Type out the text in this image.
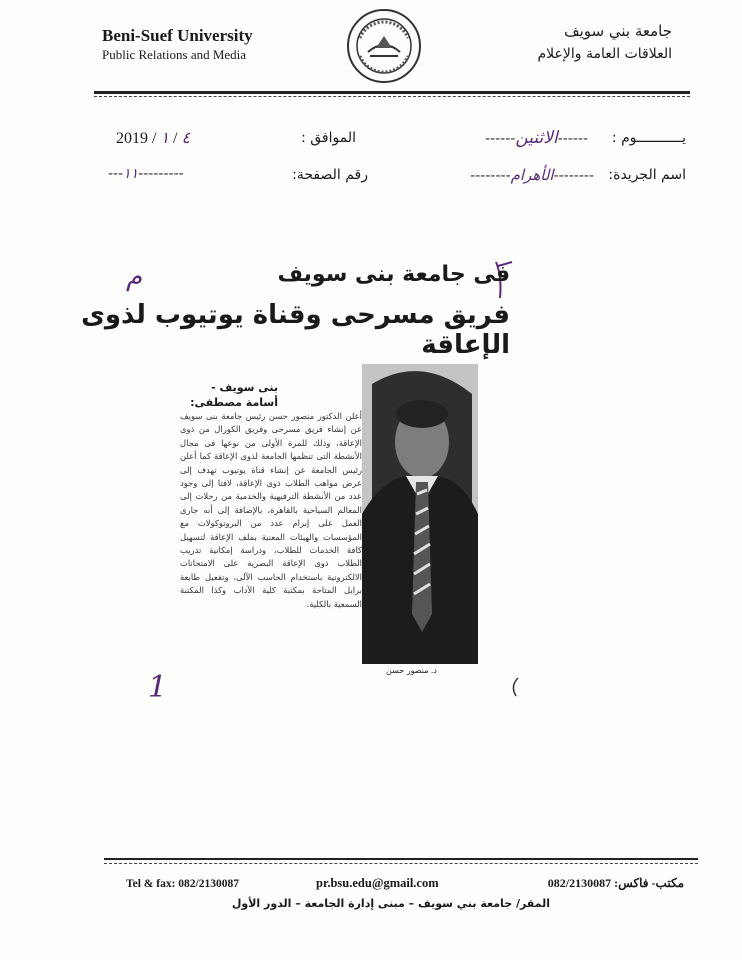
Beni-Suef University
Public Relations and Media
جامعة بني سويف
العلاقات العامة والإعلام
يـــــــــــوم :
------الاثنين------
الموافق :
2019 / ٤ / ١
اسم الجريدة:
--------الأهرام--------
رقم الصفحة:
---------١١---
م	فى جامعة بنى سويف
فريق مسرحى وقناة يوتيوب لذوى الإعاقة
بنى سويف -
أسامة مصطفى:
أعلن الدكتور منصور حسن رئيس جامعة بنى سويف عن إنشاء فريق مسرحى وفريق الكورال من ذوى الإعاقة، وذلك للمرة الأولى من نوعها فى مجال الأنشطة التى تنظمها الجامعة لذوى الإعاقة كما أعلن رئيس الجامعة عن إنشاء قناة يوتيوب تهدف إلى عرض مواهب الطلاب ذوى الإعاقة، لافتا إلى وجود عدد من الأنشطة الترفيهية والخدمية من رحلات إلى المعالم السياحية بالقاهرة، بالإضافة إلى أنه جارى العمل على إبرام عدد من البروتوكولات مع المؤسسات والهيئات المعنية بملف الإعاقة لتسهيل كافة الخدمات للطلاب، ودراسة إمكانية تدريب الطلاب ذوى الإعاقة البصرية على الامتحانات الالكترونية باستخدام الحاسب الآلى، وتفعيل طابعة برايل المتاحة بمكتبة كلية الآداب وكذا المكتبة السمعية بالكلية.
د. منصور حسن
1
Tel & fax: 082/2130087	pr.bsu.edu@gmail.com	مكتب- فاكس: 082/2130087
المقر/ جامعة بني سويف – مبنى إدارة الجامعة – الدور الأول
